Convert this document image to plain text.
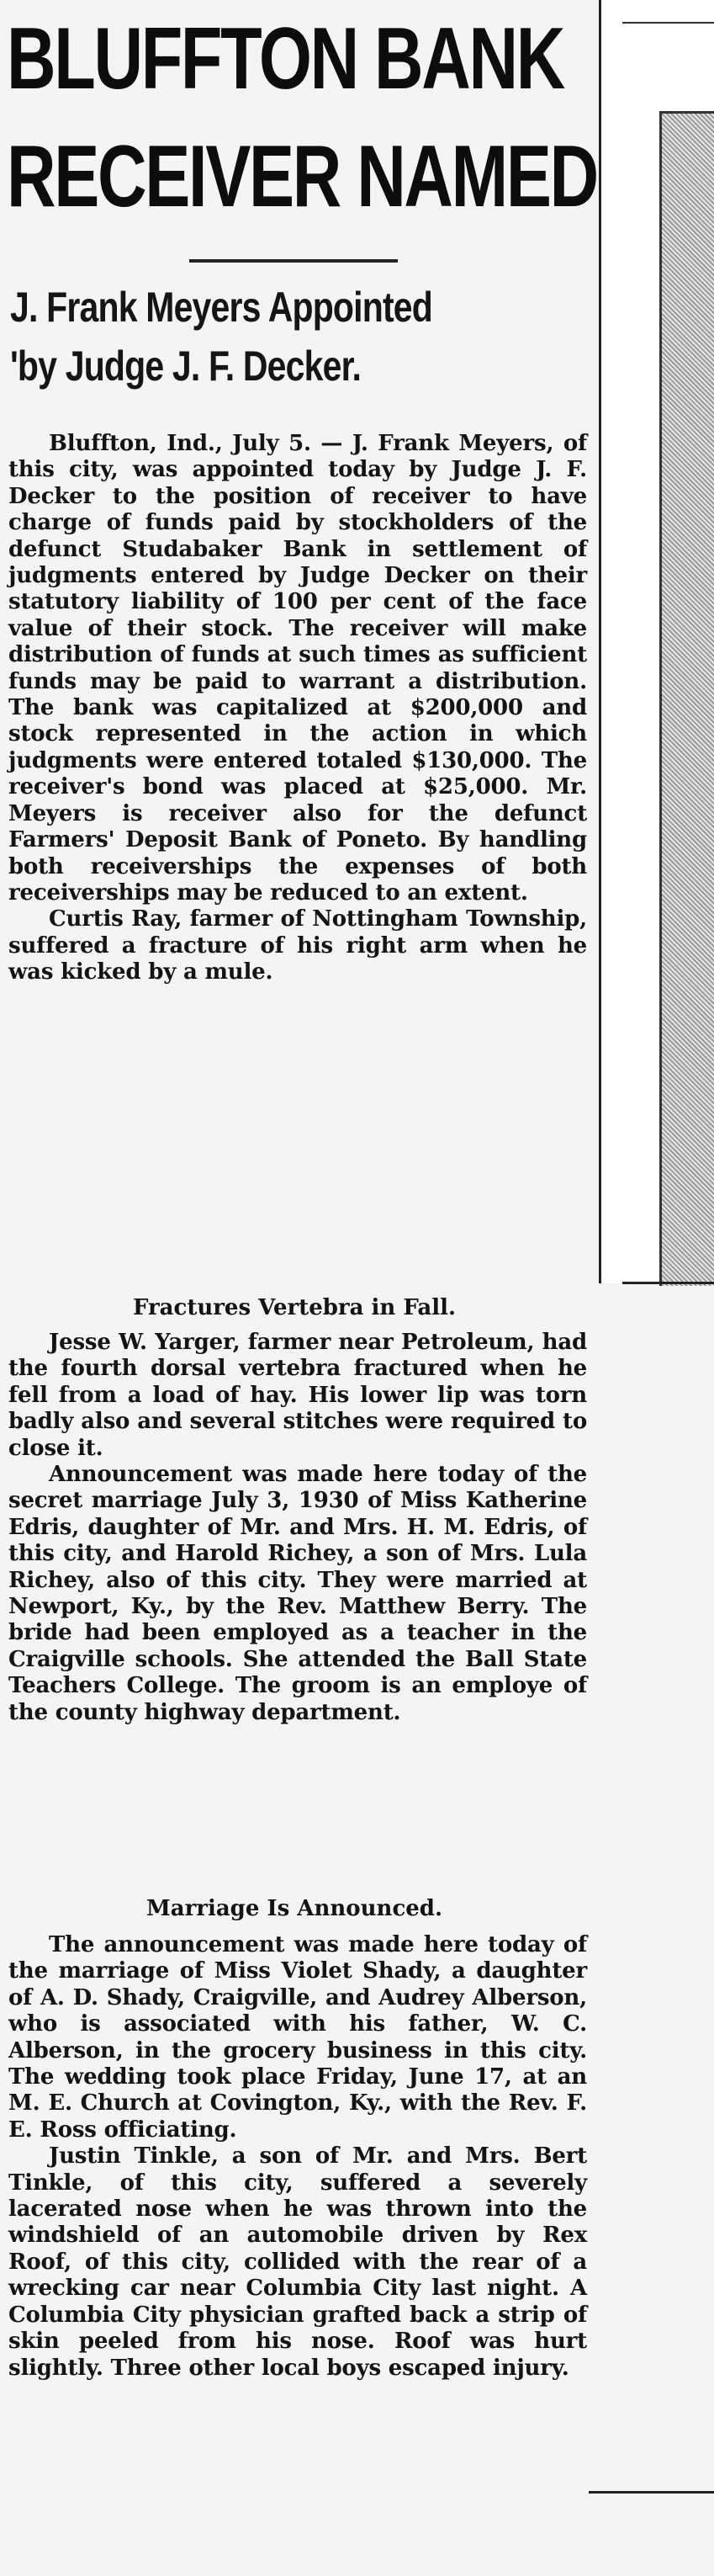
BLUFFTON BANK
RECEIVER NAMED
J. Frank Meyers Appointed
'by Judge J. F. Decker.

Bluffton, Ind., July 5. — J. Frank Meyers, of this city, was appointed today by Judge J. F. Decker to the position of receiver to have charge of funds paid by stockholders of the defunct Studabaker Bank in settlement of judgments entered by Judge Decker on their statutory liability of 100 per cent of the face value of their stock. The receiver will make distribution of funds at such times as sufficient funds may be paid to warrant a distribution. The bank was capitalized at $200,000 and stock represented in the action in which judgments were entered totaled $130,000. The receiver's bond was placed at $25,000. Mr. Meyers is receiver also for the defunct Farmers' Deposit Bank of Poneto. By handling both receiverships the expenses of both receiverships may be reduced to an extent.

Curtis Ray, farmer of Nottingham Township, suffered a fracture of his right arm when he was kicked by a mule.

Fractures Vertebra in Fall.

Jesse W. Yarger, farmer near Petroleum, had the fourth dorsal vertebra fractured when he fell from a load of hay. His lower lip was torn badly also and several stitches were required to close it.

Announcement was made here today of the secret marriage July 3, 1930 of Miss Katherine Edris, daughter of Mr. and Mrs. H. M. Edris, of this city, and Harold Richey, a son of Mrs. Lula Richey, also of this city. They were married at Newport, Ky., by the Rev. Matthew Berry. The bride had been employed as a teacher in the Craigville schools. She attended the Ball State Teachers College. The groom is an employe of the county highway department.

Marriage Is Announced.

The announcement was made here today of the marriage of Miss Violet Shady, a daughter of A. D. Shady, Craigville, and Audrey Alberson, who is associated with his father, W. C. Alberson, in the grocery business in this city. The wedding took place Friday, June 17, at an M. E. Church at Covington, Ky., with the Rev. F. E. Ross officiating.

Justin Tinkle, a son of Mr. and Mrs. Bert Tinkle, of this city, suffered a severely lacerated nose when he was thrown into the windshield of an automobile driven by Rex Roof, of this city, collided with the rear of a wrecking car near Columbia City last night. A Columbia City physician grafted back a strip of skin peeled from his nose. Roof was hurt slightly. Three other local boys escaped injury.
